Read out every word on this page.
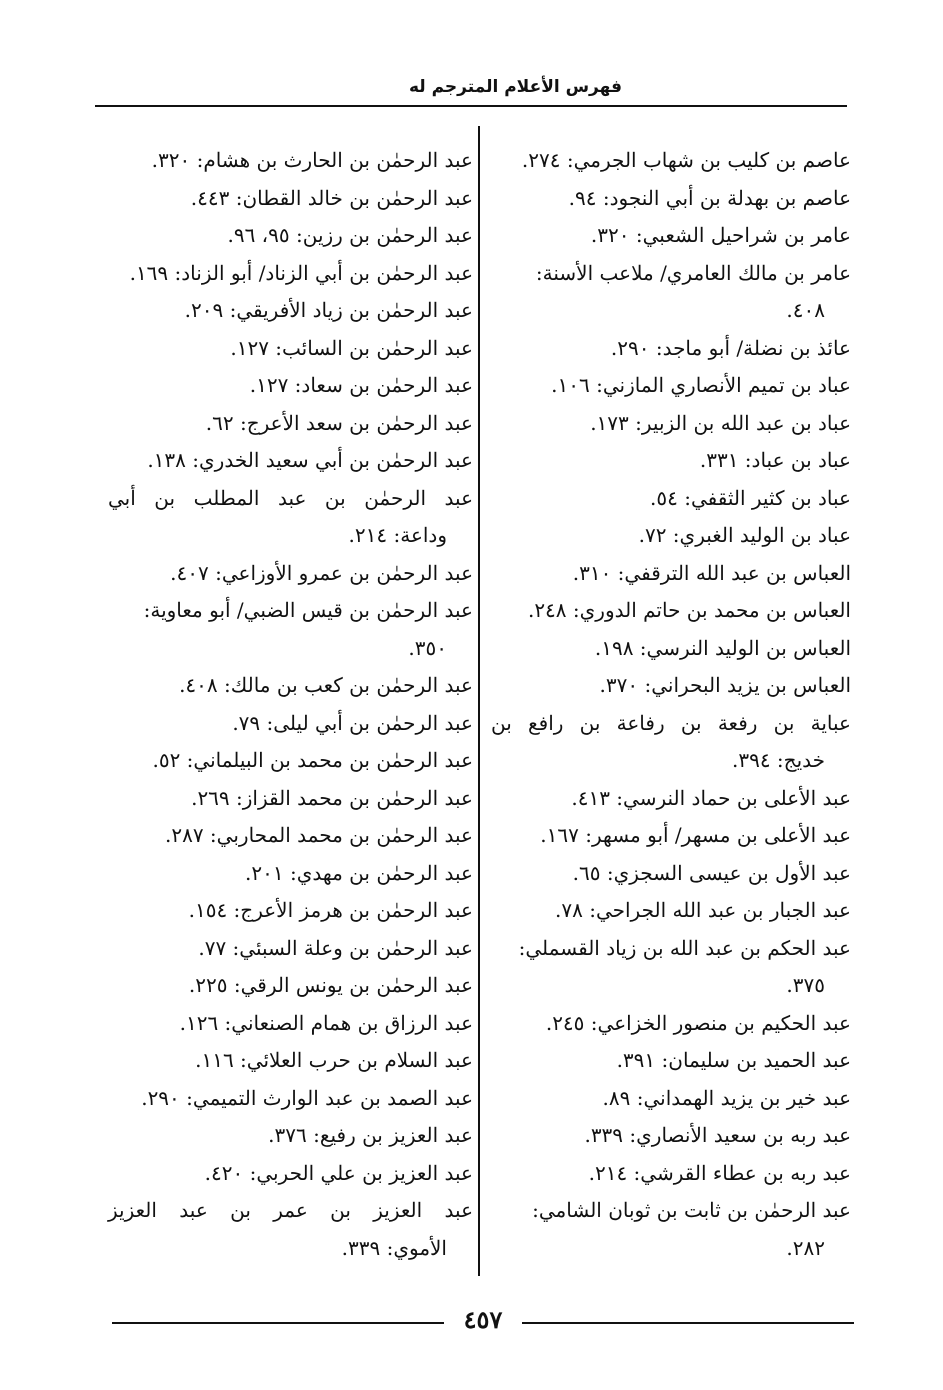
فهرس الأعلام المترجم له
عاصم بن كليب بن شهاب الجرمي: ٢٧٤.
عاصم بن بهدلة بن أبي النجود: ٩٤.
عامر بن شراحيل الشعبي: ٣٢٠.
عامر بن مالك العامري/ ملاعب الأسنة:
٤٠٨.
عائذ بن نضلة/ أبو ماجد: ٢٩٠.
عباد بن تميم الأنصاري المازني: ١٠٦.
عباد بن عبد الله بن الزبير: ١٧٣.
عباد بن عباد: ٣٣١.
عباد بن كثير الثقفي: ٥٤.
عباد بن الوليد الغبري: ٧٢.
العباس بن عبد الله الترقفي: ٣١٠.
العباس بن محمد بن حاتم الدوري: ٢٤٨.
العباس بن الوليد النرسي: ١٩٨.
العباس بن يزيد البحراني: ٣٧٠.
عباية بن رفعة بن رفاعة بن رافع بن
خديج: ٣٩٤.
عبد الأعلى بن حماد النرسي: ٤١٣.
عبد الأعلى بن مسهر/ أبو مسهر: ١٦٧.
عبد الأول بن عيسى السجزي: ٦٥.
عبد الجبار بن عبد الله الجراحي: ٧٨.
عبد الحكم بن عبد الله بن زياد القسملي:
٣٧٥.
عبد الحكيم بن منصور الخزاعي: ٢٤٥.
عبد الحميد بن سليمان: ٣٩١.
عبد خير بن يزيد الهمداني: ٨٩.
عبد ربه بن سعيد الأنصاري: ٣٣٩.
عبد ربه بن عطاء القرشي: ٢١٤.
عبد الرحمٰن بن ثابت بن ثوبان الشامي:
٢٨٢.
عبد الرحمٰن بن الحارث بن هشام: ٣٢٠.
عبد الرحمٰن بن خالد القطان: ٤٤٣.
عبد الرحمٰن بن رزين: ٩٥، ٩٦.
عبد الرحمٰن بن أبي الزناد/ أبو الزناد: ١٦٩.
عبد الرحمٰن بن زياد الأفريقي: ٢٠٩.
عبد الرحمٰن بن السائب: ١٢٧.
عبد الرحمٰن بن سعاد: ١٢٧.
عبد الرحمٰن بن سعد الأعرج: ٦٢.
عبد الرحمٰن بن أبي سعيد الخدري: ١٣٨.
عبد الرحمٰن بن عبد المطلب بن أبي
وداعة: ٢١٤.
عبد الرحمٰن بن عمرو الأوزاعي: ٤٠٧.
عبد الرحمٰن بن قيس الضبي/ أبو معاوية:
٣٥٠.
عبد الرحمٰن بن كعب بن مالك: ٤٠٨.
عبد الرحمٰن بن أبي ليلى: ٧٩.
عبد الرحمٰن بن محمد بن البيلماني: ٥٢.
عبد الرحمٰن بن محمد القزاز: ٢٦٩.
عبد الرحمٰن بن محمد المحاربي: ٢٨٧.
عبد الرحمٰن بن مهدي: ٢٠١.
عبد الرحمٰن بن هرمز الأعرج: ١٥٤.
عبد الرحمٰن بن وعلة السبئي: ٧٧.
عبد الرحمٰن بن يونس الرقي: ٢٢٥.
عبد الرزاق بن همام الصنعاني: ١٢٦.
عبد السلام بن حرب العلائي: ١١٦.
عبد الصمد بن عبد الوارث التميمي: ٢٩٠.
عبد العزيز بن رفيع: ٣٧٦.
عبد العزيز بن علي الحربي: ٤٢٠.
عبد العزيز بن عمر بن عبد العزيز
الأموي: ٣٣٩.
٤٥٧
